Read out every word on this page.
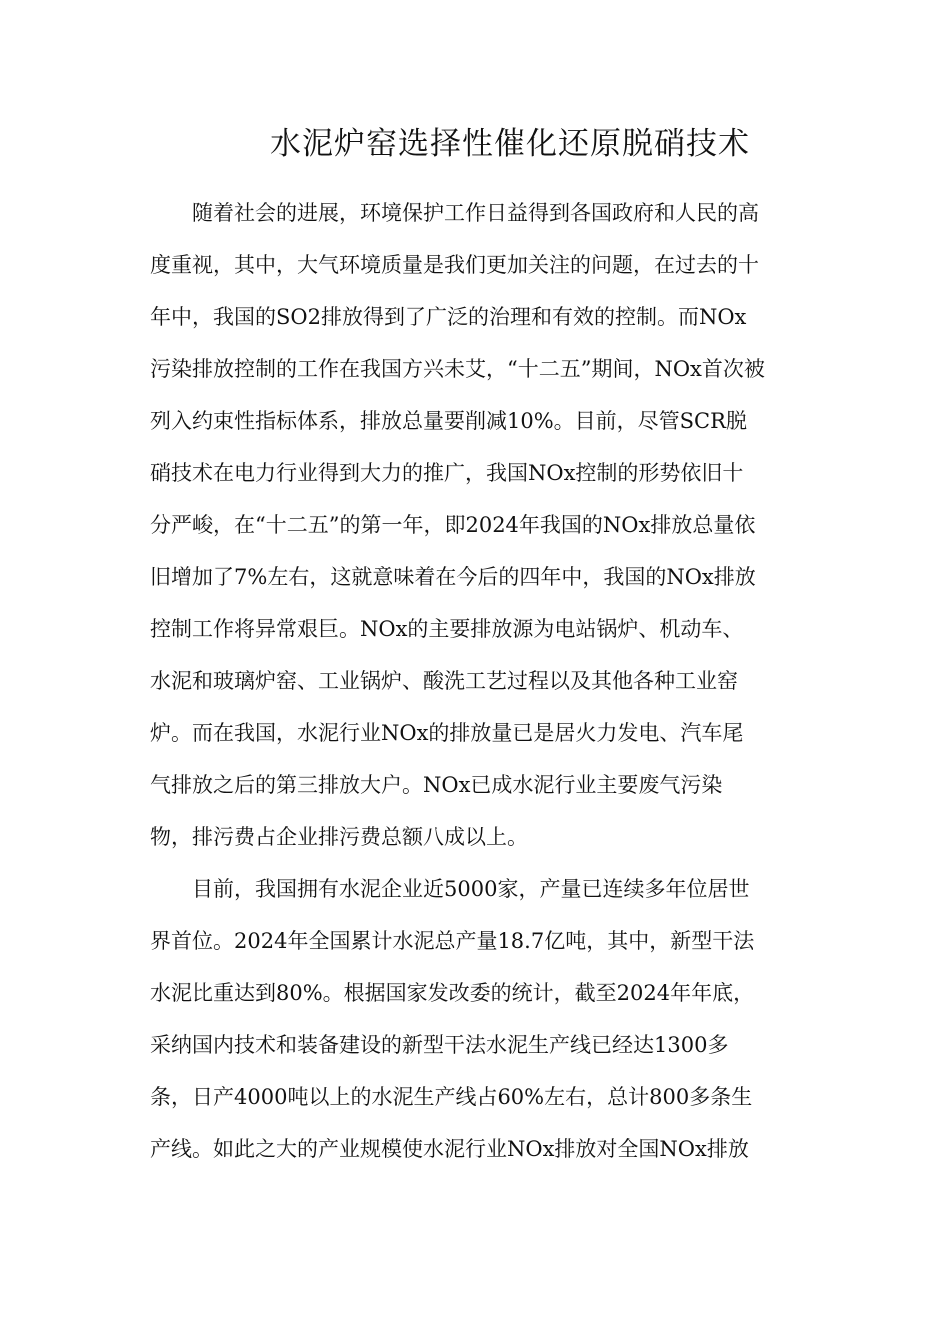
水泥炉窑选择性催化还原脱硝技术

随着社会的进展，环境保护工作日益得到各国政府和人民的高

度重视，其中，大气环境质量是我们更加关注的问题，在过去的十

年中，我国的SO2排放得到了广泛的治理和有效的控制。而NOx

污染排放控制的工作在我国方兴未艾，“十二五”期间，NOx首次被

列入约束性指标体系，排放总量要削减10%。目前，尽管SCR脱

硝技术在电力行业得到大力的推广，我国NOx控制的形势依旧十

分严峻，在“十二五”的第一年，即2024年我国的NOx排放总量依

旧增加了7%左右，这就意味着在今后的四年中，我国的NOx排放

控制工作将异常艰巨。NOx的主要排放源为电站锅炉、机动车、

水泥和玻璃炉窑、工业锅炉、酸洗工艺过程以及其他各种工业窑

炉。而在我国，水泥行业NOx的排放量已是居火力发电、汽车尾

气排放之后的第三排放大户。NOx已成水泥行业主要废气污染

物，排污费占企业排污费总额八成以上。

目前，我国拥有水泥企业近5000家，产量已连续多年位居世

界首位。2024年全国累计水泥总产量18.7亿吨，其中，新型干法

水泥比重达到80%。根据国家发改委的统计，截至2024年年底，

采纳国内技术和装备建设的新型干法水泥生产线已经达1300多

条，日产4000吨以上的水泥生产线占60%左右，总计800多条生

产线。如此之大的产业规模使水泥行业NOx排放对全国NOx排放
